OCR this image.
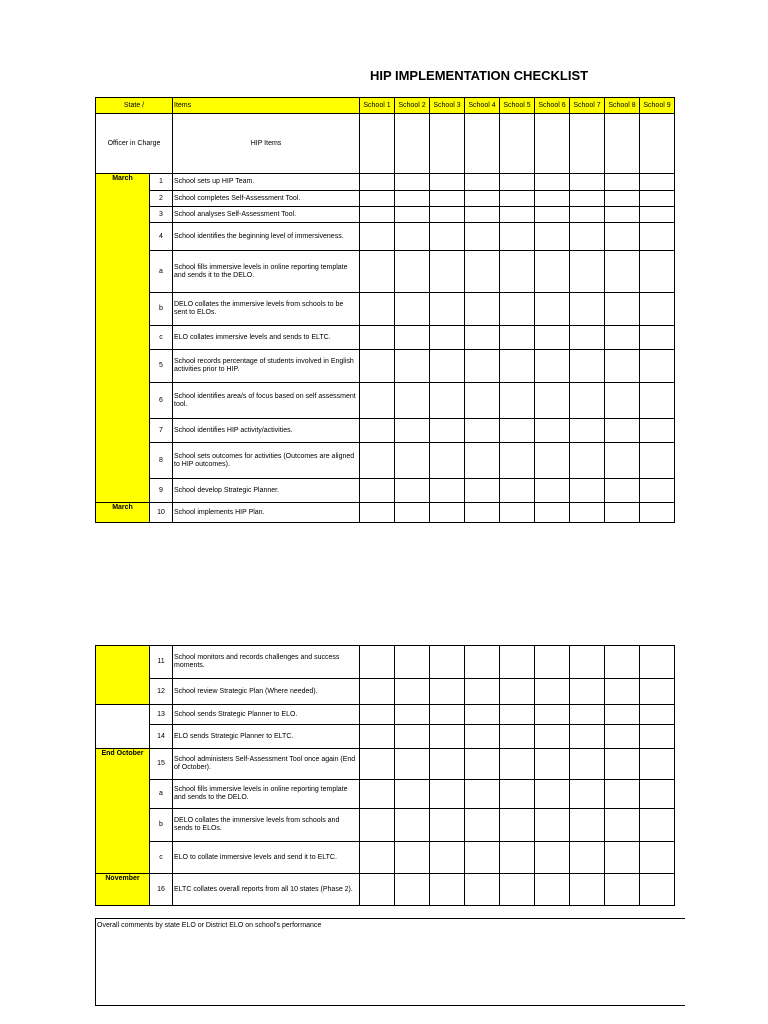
HIP IMPLEMENTATION CHECKLIST
State /		Items	School 1	School 2	School 3	School 4	School 5	School 6	School 7	School 8	School 9
Officer in Charge		HIP Items									
March	1	School sets up HIP Team.									
	2	School completes Self-Assessment Tool.									
	3	School analyses Self-Assessment Tool.									
	4	School identifies the beginning level of immersiveness.									
	a	School fills immersive levels in online reporting template and sends it to the DELO.									
	b	DELO collates the immersive levels from schools to be sent to ELOs.									
	c	ELO collates immersive levels and sends to ELTC.									
	5	School records percentage of students involved in English activities prior to HIP.									
	6	School identifies area/s of focus based on self assessment tool.									
	7	School identifies HIP activity/activities.									
	8	School sets outcomes for activities (Outcomes are aligned to HIP outcomes).									
	9	School develop Strategic Planner.									
March	10	School implements HIP Plan.									
	11	School monitors and records challenges and success moments.									
	12	School review Strategic Plan (Where needed).									
	13	School sends Strategic Planner to ELO.									
	14	ELO sends Strategic Planner to ELTC.									
End October	15	School administers Self-Assessment Tool once again (End of October).									
	a	School fills immersive levels in online reporting template and sends to the DELO.									
	b	DELO collates the immersive levels from schools and sends to ELOs.									
	c	ELO to collate immersive levels and send it to ELTC.									
November	16	ELTC collates overall reports from all 10 states (Phase 2).									
Overall comments by state ELO or District ELO on school's performance
